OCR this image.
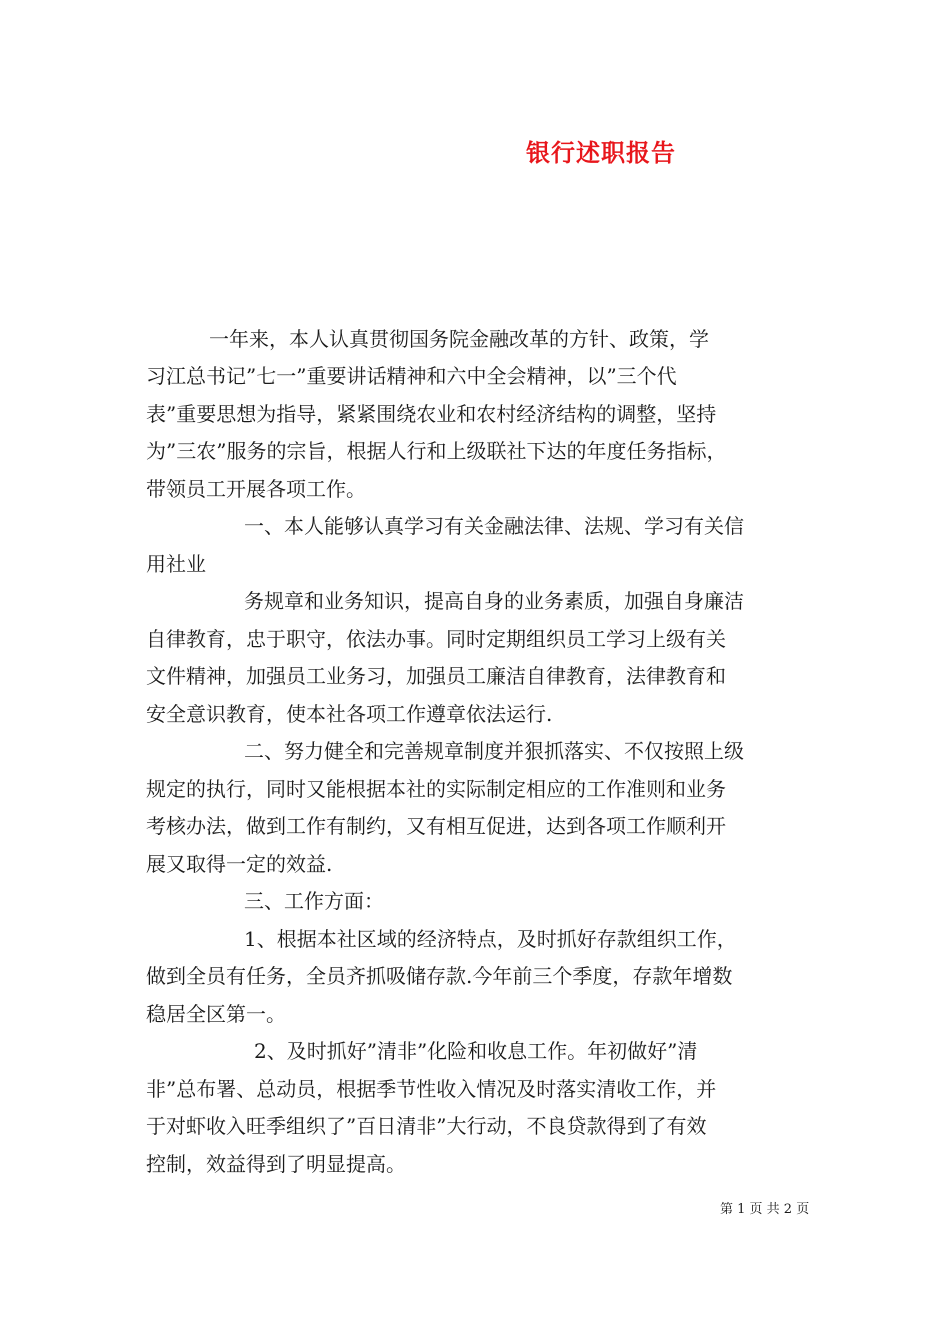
银行述职报告
一年来，本人认真贯彻国务院金融改革的方针、政策，学
习江总书记”七一”重要讲话精神和六中全会精神，以”三个代
表”重要思想为指导，紧紧围绕农业和农村经济结构的调整，坚持
为”三农”服务的宗旨，根据人行和上级联社下达的年度任务指标，
带领员工开展各项工作。
一、本人能够认真学习有关金融法律、法规、学习有关信
用社业
务规章和业务知识，提高自身的业务素质，加强自身廉洁
自律教育，忠于职守，依法办事。同时定期组织员工学习上级有关
文件精神，加强员工业务习，加强员工廉洁自律教育，法律教育和
安全意识教育，使本社各项工作遵章依法运行.
二、努力健全和完善规章制度并狠抓落实、不仅按照上级
规定的执行，同时又能根据本社的实际制定相应的工作准则和业务
考核办法，做到工作有制约，又有相互促进，达到各项工作顺利开
展又取得一定的效益.
三、工作方面：
1、根据本社区域的经济特点，及时抓好存款组织工作，
做到全员有任务，全员齐抓吸储存款.今年前三个季度，存款年增数
稳居全区第一。
2、及时抓好”清非”化险和收息工作。年初做好”清
非”总布署、总动员，根据季节性收入情况及时落实清收工作，并
于对虾收入旺季组织了”百日清非”大行动，不良贷款得到了有效
控制，效益得到了明显提高。
第 1 页 共 2 页
